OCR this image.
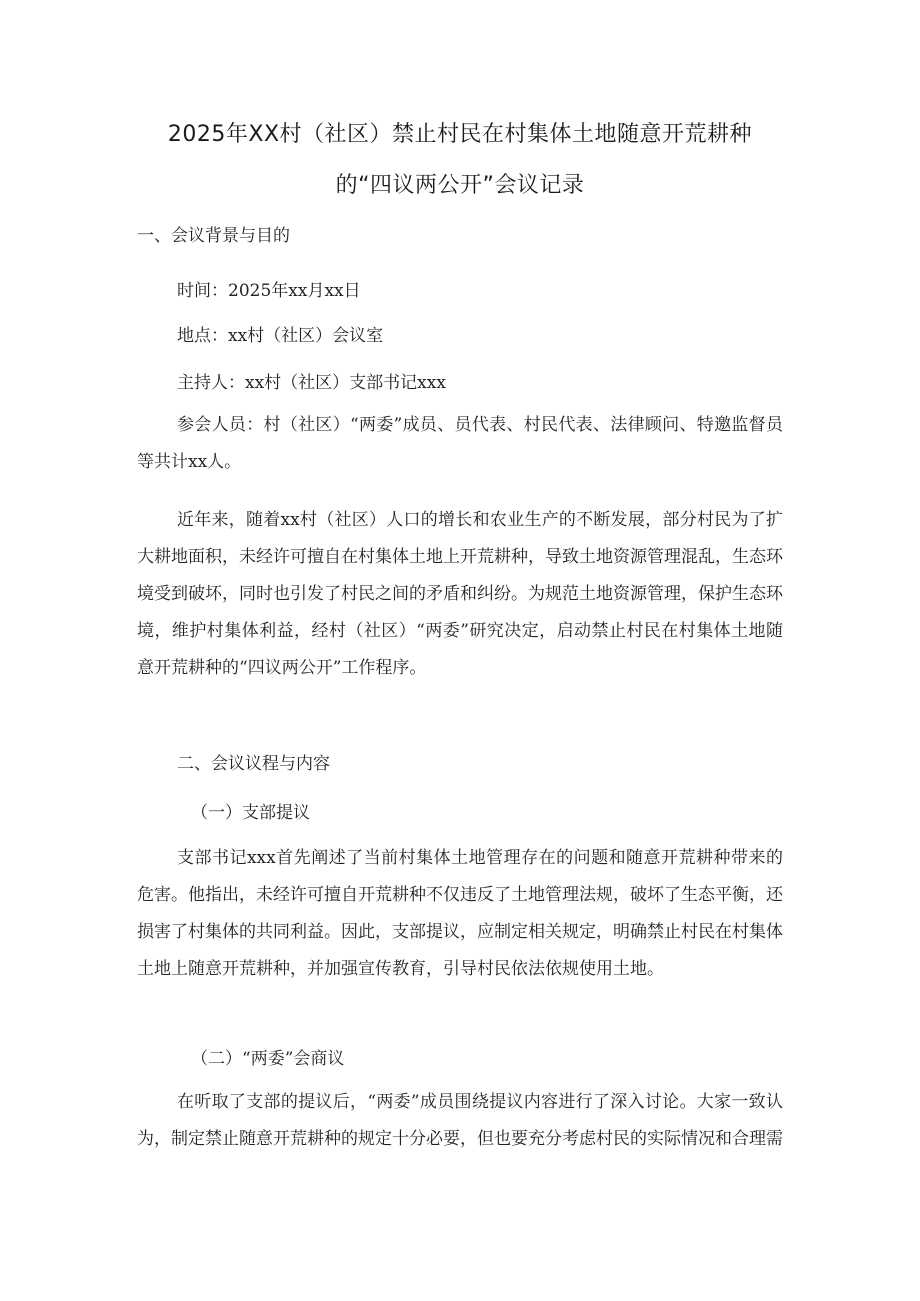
2025年XX村（社区）禁止村民在村集体土地随意开荒耕种
的“四议两公开”会议记录
一、会议背景与目的
时间：2025年xx月xx日
地点：xx村（社区）会议室
主持人：xx村（社区）支部书记xxx
参会人员：村（社区）“两委”成员、员代表、村民代表、法律顾问、特邀监督员等共计xx人。
近年来，随着xx村（社区）人口的增长和农业生产的不断发展，部分村民为了扩大耕地面积，未经许可擅自在村集体土地上开荒耕种，导致土地资源管理混乱，生态环境受到破坏，同时也引发了村民之间的矛盾和纠纷。为规范土地资源管理，保护生态环境，维护村集体利益，经村（社区）“两委”研究决定，启动禁止村民在村集体土地随意开荒耕种的“四议两公开”工作程序。
二、会议议程与内容
（一）支部提议
支部书记xxx首先阐述了当前村集体土地管理存在的问题和随意开荒耕种带来的危害。他指出，未经许可擅自开荒耕种不仅违反了土地管理法规，破坏了生态平衡，还损害了村集体的共同利益。因此，支部提议，应制定相关规定，明确禁止村民在村集体土地上随意开荒耕种，并加强宣传教育，引导村民依法依规使用土地。
（二）“两委”会商议
在听取了支部的提议后，“两委”成员围绕提议内容进行了深入讨论。大家一致认为，制定禁止随意开荒耕种的规定十分必要，但也要充分考虑村民的实际情况和合理需
